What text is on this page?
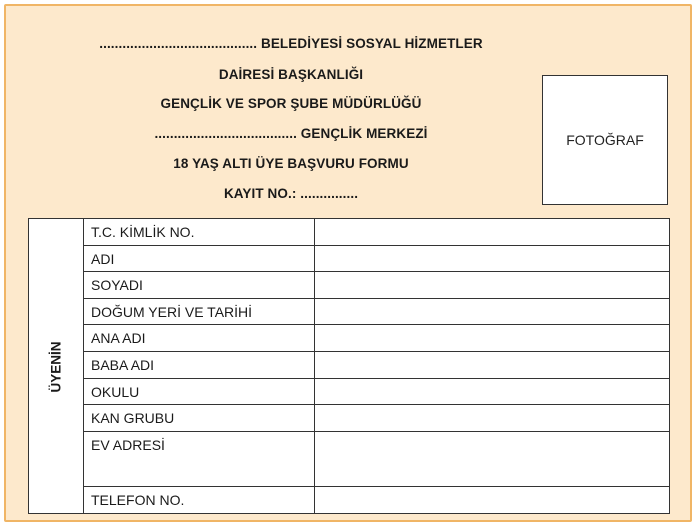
......................................... BELEDİYESİ SOSYAL HİZMETLER
DAİRESİ BAŞKANLIĞI
GENÇLİK VE SPOR ŞUBE MÜDÜRLÜĞÜ
..................................... GENÇLİK MERKEZİ
18 YAŞ ALTI ÜYE BAŞVURU FORMU
KAYIT NO.: ...............
FOTOĞRAF
ÜYENİN
T.C. KİMLİK NO.
ADI
SOYADI
DOĞUM YERİ VE TARİHİ
ANA ADI
BABA ADI
OKULU
KAN GRUBU
EV ADRESİ
TELEFON NO.
